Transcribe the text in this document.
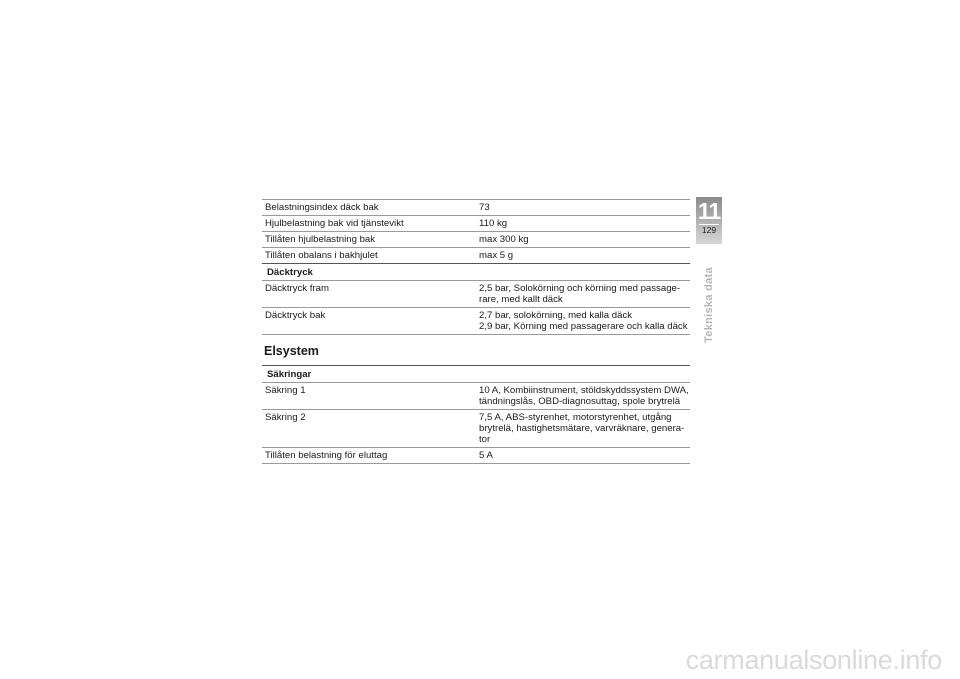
Belastningsindex däck bak	73
Hjulbelastning bak vid tjänstevikt	110 kg
Tillåten hjulbelastning bak	max 300 kg
Tillåten obalans i bakhjulet	max 5 g
Däcktryck
Däcktryck fram	2,5 bar, Solokörning och körning med passage-
rare, med kallt däck
Däcktryck bak	2,7 bar, solokörning, med kalla däck
2,9 bar, Körning med passagerare och kalla däck
Elsystem
Säkringar
Säkring 1	10 A, Kombiinstrument, stöldskyddssystem DWA,
tändningslås, OBD-diagnosuttag, spole brytrelä
Säkring 2	7,5 A, ABS-styrenhet, motorstyrenhet, utgång
brytrelä, hastighetsmätare, varvräknare, genera-
tor
Tillåten belastning för eluttag	5 A
11
129
Tekniska data
carmanualsonline.info
